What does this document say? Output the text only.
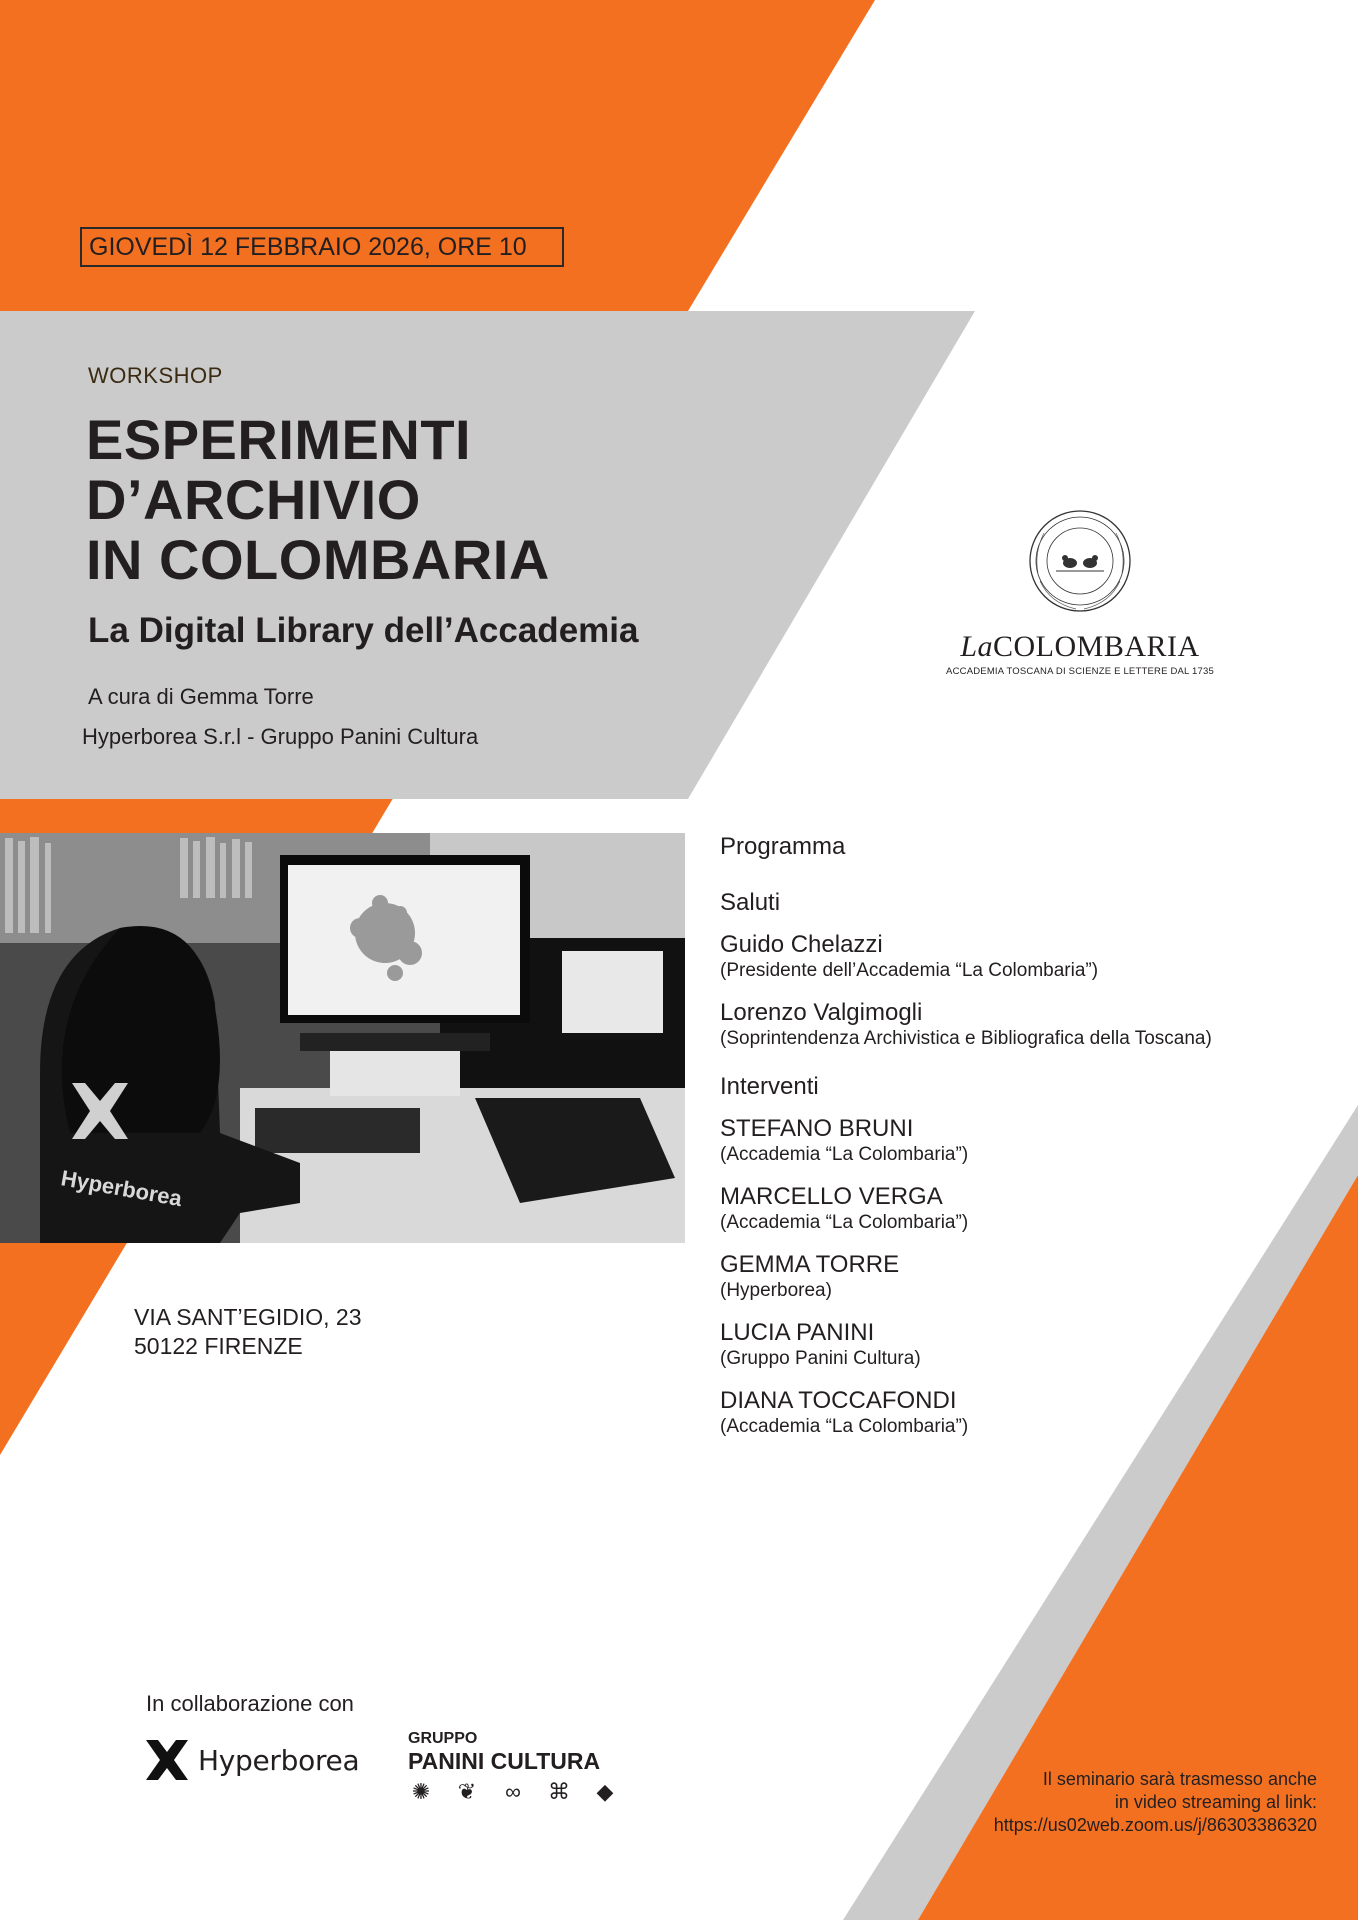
GIOVEDÌ 12 FEBBRAIO 2026, ORE 10
WORKSHOP
ESPERIMENTI
D’ARCHIVIO
IN COLOMBARIA
La Digital Library dell’Accademia
A cura di Gemma Torre
Hyperborea S.r.l - Gruppo Panini Cultura
LaCOLOMBARIA
ACCADEMIA TOSCANA DI SCIENZE E LETTERE DAL 1735
Hyperborea
VIA SANT’EGIDIO, 23
50122 FIRENZE
Programma
Saluti
Guido Chelazzi
(Presidente dell’Accademia “La Colombaria”)
Lorenzo Valgimogli
(Soprintendenza Archivistica e Bibliografica della Toscana)
Interventi
STEFANO BRUNI
(Accademia “La Colombaria”)
MARCELLO VERGA
(Accademia “La Colombaria”)
GEMMA TORRE
(Hyperborea)
LUCIA PANINI
(Gruppo Panini Cultura)
DIANA TOCCAFONDI
(Accademia “La Colombaria”)
In collaborazione con
Hyperborea
GRUPPO
PANINI CULTURA
✺ ❦ ∞ ⌘ ◆	Il seminario sarà trasmesso anche
in video streaming al link:
https://us02web.zoom.us/j/86303386320
